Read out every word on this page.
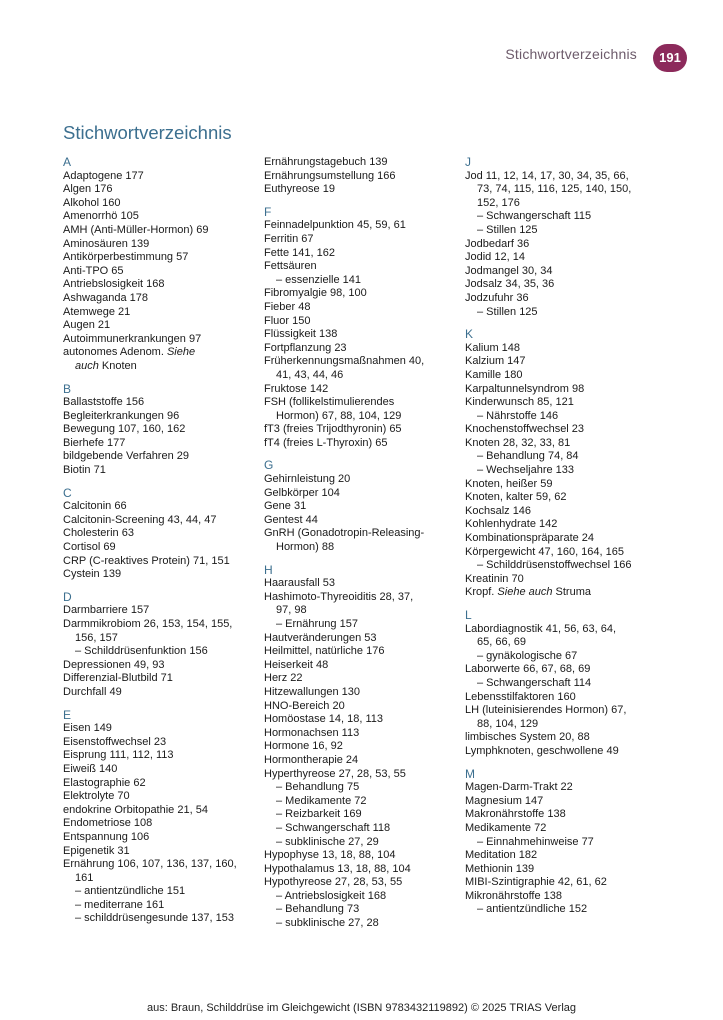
Stichwortverzeichnis	191
Stichwortverzeichnis
A
Adaptogene 177
Algen 176
Alkohol 160
Amenorrhö 105
AMH (Anti-Müller-Hormon) 69
Aminosäuren 139
Antikörperbestimmung 57
Anti-TPO 65
Antriebslosigkeit 168
Ashwaganda 178
Atemwege 21
Augen 21
Autoimmunerkrankungen 97
autonomes Adenom. Siehe
auch Knoten
B
Ballaststoffe 156
Begleiterkrankungen 96
Bewegung 107, 160, 162
Bierhefe 177
bildgebende Verfahren 29
Biotin 71
C
Calcitonin 66
Calcitonin-Screening 43, 44, 47
Cholesterin 63
Cortisol 69
CRP (C-reaktives Protein) 71, 151
Cystein 139
D
Darmbarriere 157
Darmmikrobiom 26, 153, 154, 155,
156, 157
– Schilddrüsenfunktion 156
Depressionen 49, 93
Differenzial-Blutbild 71
Durchfall 49
E
Eisen 149
Eisenstoffwechsel 23
Eisprung 111, 112, 113
Eiweiß 140
Elastographie 62
Elektrolyte 70
endokrine Orbitopathie 21, 54
Endometriose 108
Entspannung 106
Epigenetik 31
Ernährung 106, 107, 136, 137, 160,
161
– antientzündliche 151
– mediterrane 161
– schilddrüsengesunde 137, 153
Ernährungstagebuch 139
Ernährungsumstellung 166
Euthyreose 19
F
Feinnadelpunktion 45, 59, 61
Ferritin 67
Fette 141, 162
Fettsäuren
– essenzielle 141
Fibromyalgie 98, 100
Fieber 48
Fluor 150
Flüssigkeit 138
Fortpflanzung 23
Früherkennungsmaßnahmen 40,
41, 43, 44, 46
Fruktose 142
FSH (follikelstimulierendes
Hormon) 67, 88, 104, 129
fT3 (freies Trijodthyronin) 65
fT4 (freies L-Thyroxin) 65
G
Gehirnleistung 20
Gelbkörper 104
Gene 31
Gentest 44
GnRH (Gonadotropin-Releasing-
Hormon) 88
H
Haarausfall 53
Hashimoto-Thyreoiditis 28, 37,
97, 98
– Ernährung 157
Hautveränderungen 53
Heilmittel, natürliche 176
Heiserkeit 48
Herz 22
Hitzewallungen 130
HNO-Bereich 20
Homöostase 14, 18, 113
Hormonachsen 113
Hormone 16, 92
Hormontherapie 24
Hyperthyreose 27, 28, 53, 55
– Behandlung 75
– Medikamente 72
– Reizbarkeit 169
– Schwangerschaft 118
– subklinische 27, 29
Hypophyse 13, 18, 88, 104
Hypothalamus 13, 18, 88, 104
Hypothyreose 27, 28, 53, 55
– Antriebslosigkeit 168
– Behandlung 73
– subklinische 27, 28
J
Jod 11, 12, 14, 17, 30, 34, 35, 66,
73, 74, 115, 116, 125, 140, 150,
152, 176
– Schwangerschaft 115
– Stillen 125
Jodbedarf 36
Jodid 12, 14
Jodmangel 30, 34
Jodsalz 34, 35, 36
Jodzufuhr 36
– Stillen 125
K
Kalium 148
Kalzium 147
Kamille 180
Karpaltunnelsyndrom 98
Kinderwunsch 85, 121
– Nährstoffe 146
Knochenstoffwechsel 23
Knoten 28, 32, 33, 81
– Behandlung 74, 84
– Wechseljahre 133
Knoten, heißer 59
Knoten, kalter 59, 62
Kochsalz 146
Kohlenhydrate 142
Kombinationspräparate 24
Körpergewicht 47, 160, 164, 165
– Schilddrüsenstoffwechsel 166
Kreatinin 70
Kropf. Siehe auch Struma
L
Labordiagnostik 41, 56, 63, 64,
65, 66, 69
– gynäkologische 67
Laborwerte 66, 67, 68, 69
– Schwangerschaft 114
Lebensstilfaktoren 160
LH (luteinisierendes Hormon) 67,
88, 104, 129
limbisches System 20, 88
Lymphknoten, geschwollene 49
M
Magen-Darm-Trakt 22
Magnesium 147
Makronährstoffe 138
Medikamente 72
– Einnahmehinweise 77
Meditation 182
Methionin 139
MIBI-Szintigraphie 42, 61, 62
Mikronährstoffe 138
– antientzündliche 152
aus: Braun, Schilddrüse im Gleichgewicht (ISBN 9783432119892) © 2025 TRIAS Verlag
